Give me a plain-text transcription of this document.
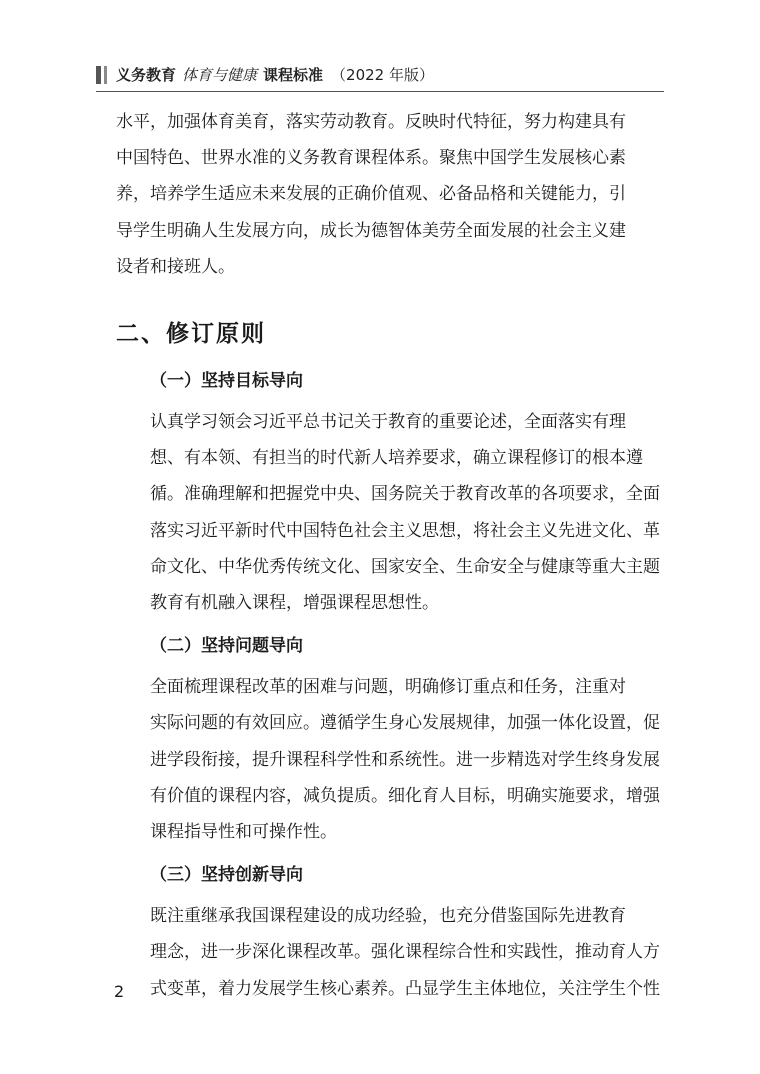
义务教育 体育与健康 课程标准 （2022 年版）

水平，加强体育美育，落实劳动教育。反映时代特征，努力构建具有
中国特色、世界水准的义务教育课程体系。聚焦中国学生发展核心素
养，培养学生适应未来发展的正确价值观、必备品格和关键能力，引
导学生明确人生发展方向，成长为德智体美劳全面发展的社会主义建
设者和接班人。

二、修订原则
（一）坚持目标导向

认真学习领会习近平总书记关于教育的重要论述，全面落实有理
想、有本领、有担当的时代新人培养要求，确立课程修订的根本遵
循。准确理解和把握党中央、国务院关于教育改革的各项要求，全面
落实习近平新时代中国特色社会主义思想，将社会主义先进文化、革
命文化、中华优秀传统文化、国家安全、生命安全与健康等重大主题
教育有机融入课程，增强课程思想性。

（二）坚持问题导向

全面梳理课程改革的困难与问题，明确修订重点和任务，注重对
实际问题的有效回应。遵循学生身心发展规律，加强一体化设置，促
进学段衔接，提升课程科学性和系统性。进一步精选对学生终身发展
有价值的课程内容，减负提质。细化育人目标，明确实施要求，增强
课程指导性和可操作性。

（三）坚持创新导向

既注重继承我国课程建设的成功经验，也充分借鉴国际先进教育
理念，进一步深化课程改革。强化课程综合性和实践性，推动育人方
式变革，着力发展学生核心素养。凸显学生主体地位，关注学生个性

2
